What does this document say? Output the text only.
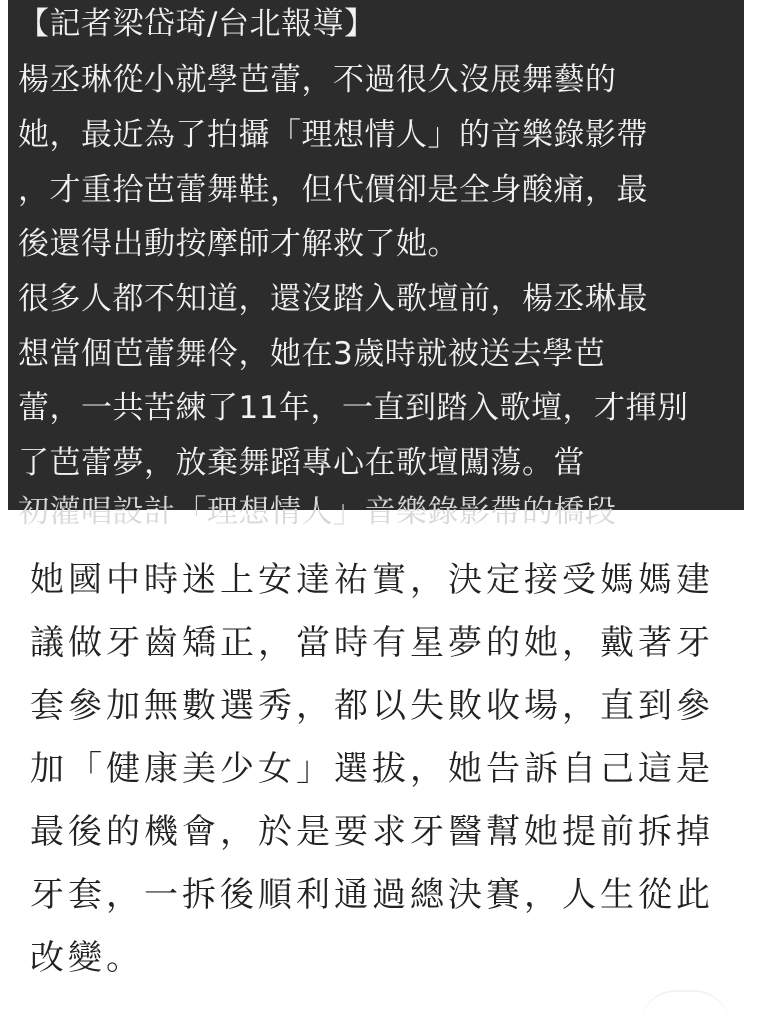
【記者梁岱琦/台北報導】
楊丞琳從小就學芭蕾，不過很久沒展舞藝的
她，最近為了拍攝「理想情人」的音樂錄影帶
，才重拾芭蕾舞鞋，但代價卻是全身酸痛，最
後還得出動按摩師才解救了她。
很多人都不知道，還沒踏入歌壇前，楊丞琳最
想當個芭蕾舞伶，她在3歲時就被送去學芭
蕾，一共苦練了11年，一直到踏入歌壇，才揮別
了芭蕾夢，放棄舞蹈專心在歌壇闖蕩。當
初灌唱設計「理想情人」音樂錄影帶的橋段
她國中時迷上安達祐實，決定接受媽媽建
議做牙齒矯正，當時有星夢的她，戴著牙
套參加無數選秀，都以失敗收場，直到參
加「健康美少女」選拔，她告訴自己這是
最後的機會，於是要求牙醫幫她提前拆掉
牙套，一拆後順利通過總決賽，人生從此
改變。
